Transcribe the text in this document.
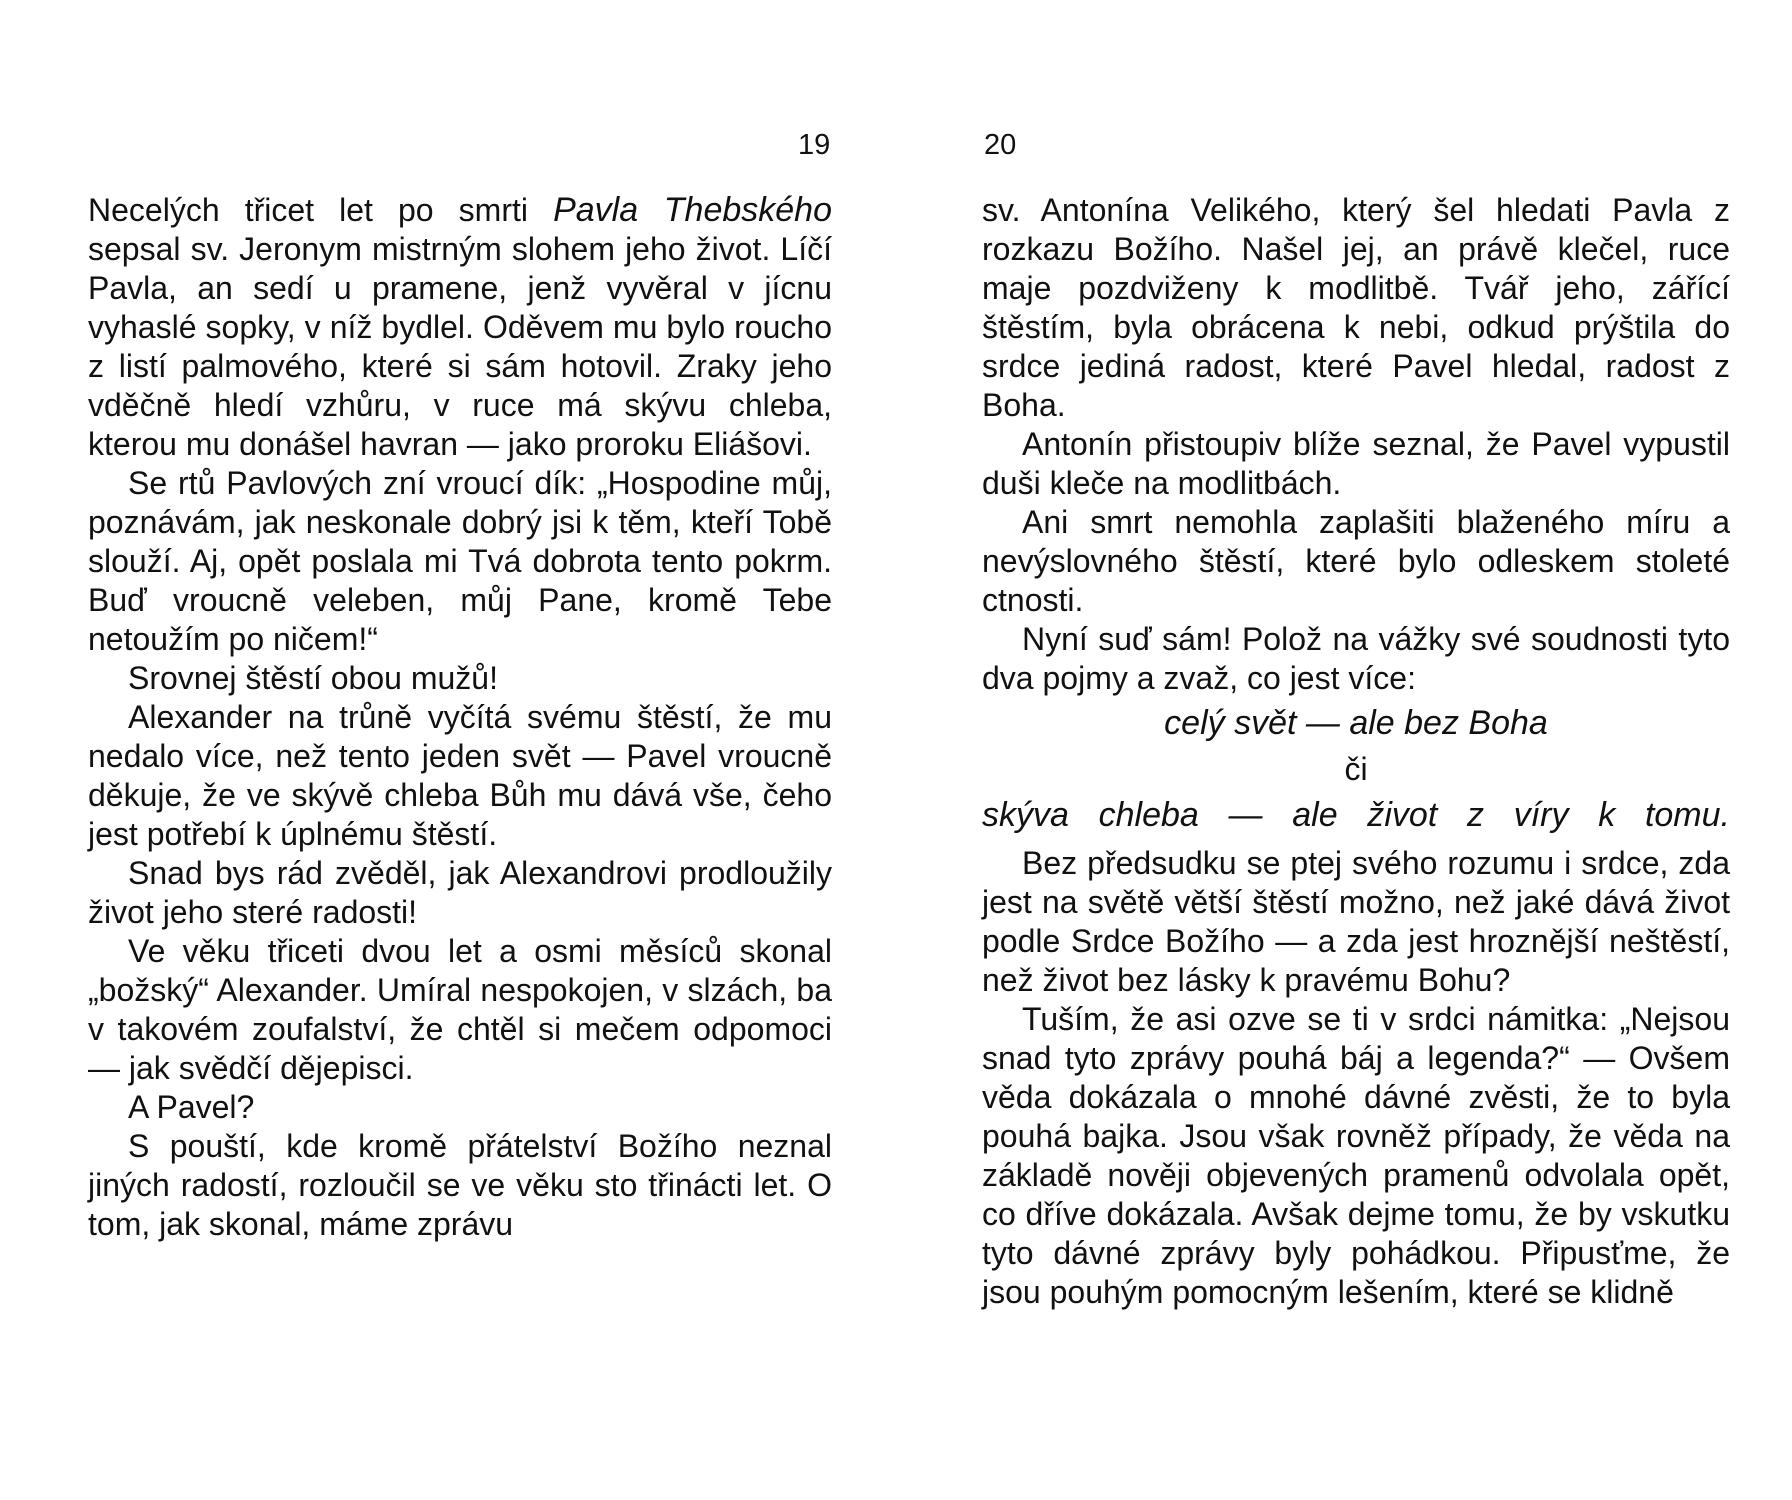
19

Necelých třicet let po smrti Pavla Thebského sepsal sv. Jeronym mistrným slohem jeho život. Líčí Pavla, an sedí u pramene, jenž vyvěral v jícnu vyhaslé sopky, v níž bydlel. Oděvem mu bylo roucho z listí palmového, které si sám hotovil. Zraky jeho vděčně hledí vzhůru, v ruce má skývu chleba, kterou mu donášel havran — jako proroku Eliášovi.

Se rtů Pavlových zní vroucí dík: „Hospodine můj, poznávám, jak neskonale dobrý jsi k těm, kteří Tobě slouží. Aj, opět poslala mi Tvá dobrota tento pokrm. Buď vroucně veleben, můj Pane, kromě Tebe netoužím po ničem!“

Srovnej štěstí obou mužů!

Alexander na trůně vyčítá svému štěstí, že mu nedalo více, než tento jeden svět — Pavel vroucně děkuje, že ve skývě chleba Bůh mu dává vše, čeho jest potřebí k úplnému štěstí.

Snad bys rád zvěděl, jak Alexandrovi prodloužily život jeho steré radosti!

Ve věku třiceti dvou let a osmi měsíců skonal „božský“ Alexander. Umíral nespokojen, v slzách, ba v takovém zoufalství, že chtěl si mečem odpomoci — jak svědčí dějepisci.

A Pavel?

S pouští, kde kromě přátelství Božího neznal jiných radostí, rozloučil se ve věku sto třinácti let. O tom, jak skonal, máme zprávu

20

sv. Antonína Velikého, který šel hledati Pavla z rozkazu Božího. Našel jej, an právě klečel, ruce maje pozdviženy k modlitbě. Tvář jeho, zářící štěstím, byla obrácena k nebi, odkud prýštila do srdce jediná radost, které Pavel hledal, radost z Boha.

Antonín přistoupiv blíže seznal, že Pavel vypustil duši kleče na modlitbách.

Ani smrt nemohla zaplašiti blaženého míru a nevýslovného štěstí, které bylo odleskem stoleté ctnosti.

Nyní suď sám! Polož na vážky své soudnosti tyto dva pojmy a zvaž, co jest více:

celý svět — ale bez Boha
či
skýva chleba — ale život z víry k tomu.

Bez předsudku se ptej svého rozumu i srdce, zda jest na světě větší štěstí možno, než jaké dává život podle Srdce Božího — a zda jest hroznější neštěstí, než život bez lásky k pravému Bohu?

Tuším, že asi ozve se ti v srdci námitka: „Nejsou snad tyto zprávy pouhá báj a legenda?“ — Ovšem věda dokázala o mnohé dávné zvěsti, že to byla pouhá bajka. Jsou však rovněž případy, že věda na základě nověji objevených pramenů odvolala opět, co dříve dokázala. Avšak dejme tomu, že by vskutku tyto dávné zprávy byly pohádkou. Připusťme, že jsou pouhým pomocným lešením, které se klidně
